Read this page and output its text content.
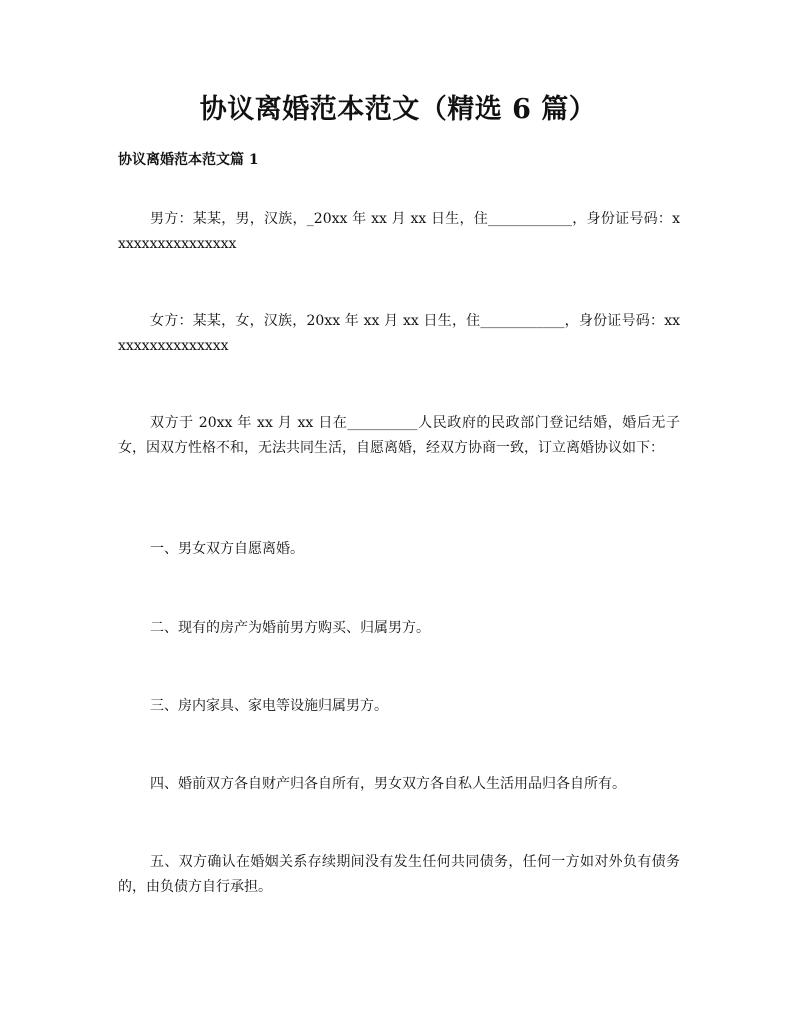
协议离婚范本范文（精选 6 篇）
协议离婚范本范文篇 1

男方：某某，男，汉族，_20xx 年 xx 月 xx 日生，住____________，身份证号码：xxxxxxxxxxxxxxxx

女方：某某，女，汉族，20xx 年 xx 月 xx 日生，住____________，身份证号码：xxxxxxxxxxxxxxxx

双方于 20xx 年 xx 月 xx 日在__________人民政府的民政部门登记结婚，婚后无子女，因双方性格不和，无法共同生活，自愿离婚，经双方协商一致，订立离婚协议如下：

一、男女双方自愿离婚。

二、现有的房产为婚前男方购买、归属男方。

三、房内家具、家电等设施归属男方。

四、婚前双方各自财产归各自所有，男女双方各自私人生活用品归各自所有。

五、双方确认在婚姻关系存续期间没有发生任何共同债务，任何一方如对外负有债务的，由负债方自行承担。
